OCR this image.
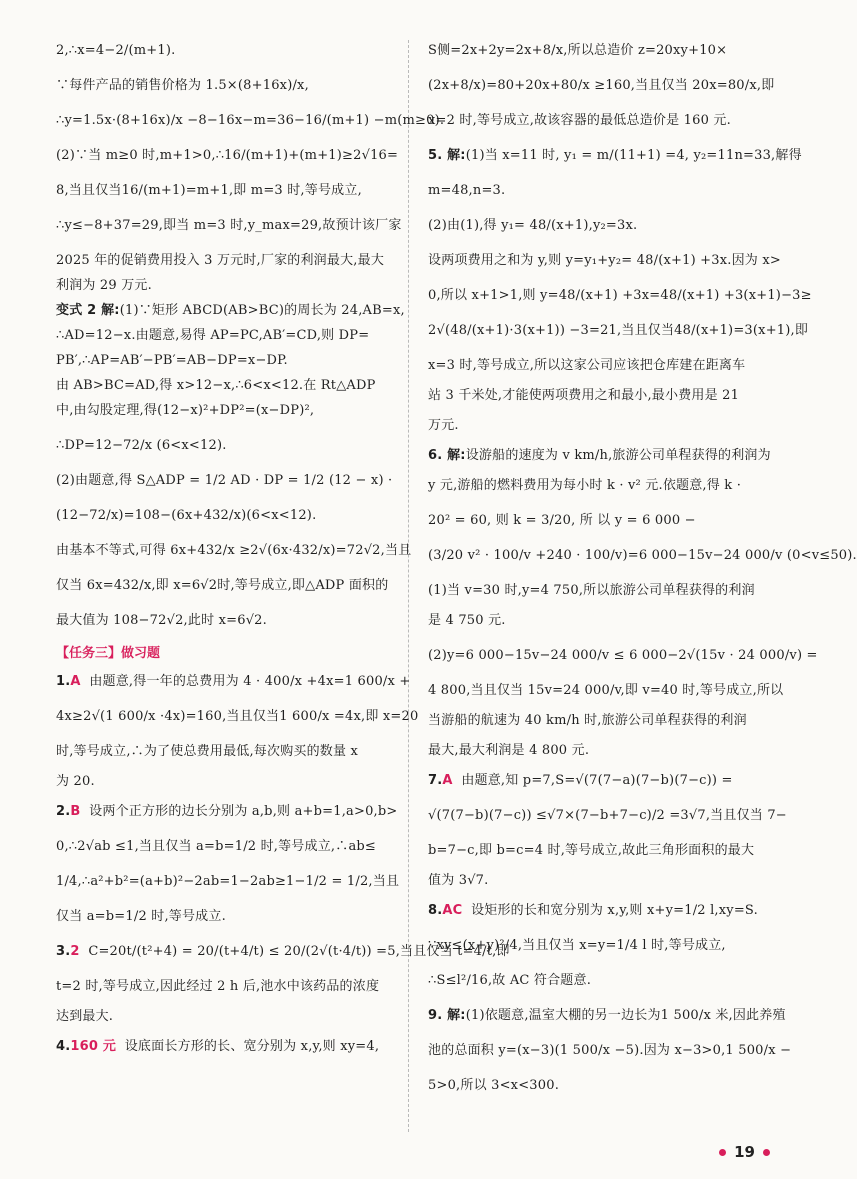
2,∴x=4−2/(m+1).
∵每件产品的销售价格为 1.5×(8+16x)/x,
∴y=1.5x·(8+16x)/x −8−16x−m=36−16/(m+1) −m(m≥0).
(2)∵当 m≥0 时,m+1>0,∴16/(m+1)+(m+1)≥2√16=
8,当且仅当16/(m+1)=m+1,即 m=3 时,等号成立,
∴y≤−8+37=29,即当 m=3 时,y_max=29,故预计该厂家
2025 年的促销费用投入 3 万元时,厂家的利润最大,最大
利润为 29 万元.
变式 2 解:(1)∵矩形 ABCD(AB>BC)的周长为 24,AB=x,
∴AD=12−x.由题意,易得 AP=PC,AB′=CD,则 DP=
PB′,∴AP=AB′−PB′=AB−DP=x−DP.
由 AB>BC=AD,得 x>12−x,∴6<x<12.在 Rt△ADP
中,由勾股定理,得(12−x)²+DP²=(x−DP)²,
∴DP=12−72/x (6<x<12).
(2)由题意,得 S△ADP = 1/2 AD · DP = 1/2 (12 − x) ·
(12−72/x)=108−(6x+432/x)(6<x<12).
由基本不等式,可得 6x+432/x ≥2√(6x·432/x)=72√2,当且
仅当 6x=432/x,即 x=6√2时,等号成立,即△ADP 面积的
最大值为 108−72√2,此时 x=6√2.
【任务三】做习题
1.A 由题意,得一年的总费用为 4 · 400/x +4x=1 600/x +
4x≥2√(1 600/x ·4x)=160,当且仅当1 600/x =4x,即 x=20
时,等号成立,∴为了使总费用最低,每次购买的数量 x
为 20.
2.B 设两个正方形的边长分别为 a,b,则 a+b=1,a>0,b>
0,∴2√ab ≤1,当且仅当 a=b=1/2 时,等号成立,∴ab≤
1/4,∴a²+b²=(a+b)²−2ab=1−2ab≥1−1/2 = 1/2,当且
仅当 a=b=1/2 时,等号成立.
3.2 C=20t/(t²+4) = 20/(t+4/t) ≤ 20/(2√(t·4/t)) =5,当且仅当 t=4/t,即
t=2 时,等号成立,因此经过 2 h 后,池水中该药品的浓度
达到最大.
4.160 元 设底面长方形的长、宽分别为 x,y,则 xy=4,
S侧=2x+2y=2x+8/x,所以总造价 z=20xy+10×
(2x+8/x)=80+20x+80/x ≥160,当且仅当 20x=80/x,即
x=2 时,等号成立,故该容器的最低总造价是 160 元.
5. 解:(1)当 x=11 时, y₁ = m/(11+1) =4, y₂=11n=33,解得
m=48,n=3.
(2)由(1),得 y₁= 48/(x+1),y₂=3x.
设两项费用之和为 y,则 y=y₁+y₂= 48/(x+1) +3x.因为 x>
0,所以 x+1>1,则 y=48/(x+1) +3x=48/(x+1) +3(x+1)−3≥
2√(48/(x+1)·3(x+1)) −3=21,当且仅当48/(x+1)=3(x+1),即
x=3 时,等号成立,所以这家公司应该把仓库建在距离车
站 3 千米处,才能使两项费用之和最小,最小费用是 21
万元.
6. 解:设游船的速度为 v km/h,旅游公司单程获得的利润为
y 元,游船的燃料费用为每小时 k · v² 元.依题意,得 k ·
20² = 60, 则 k = 3/20, 所 以 y = 6 000 −
(3/20 v² · 100/v +240 · 100/v)=6 000−15v−24 000/v (0<v≤50).
(1)当 v=30 时,y=4 750,所以旅游公司单程获得的利润
是 4 750 元.
(2)y=6 000−15v−24 000/v ≤ 6 000−2√(15v · 24 000/v) =
4 800,当且仅当 15v=24 000/v,即 v=40 时,等号成立,所以
当游船的航速为 40 km/h 时,旅游公司单程获得的利润
最大,最大利润是 4 800 元.
7.A 由题意,知 p=7,S=√(7(7−a)(7−b)(7−c)) =
√(7(7−b)(7−c)) ≤√7×(7−b+7−c)/2 =3√7,当且仅当 7−
b=7−c,即 b=c=4 时,等号成立,故此三角形面积的最大
值为 3√7.
8.AC 设矩形的长和宽分别为 x,y,则 x+y=1/2 l,xy=S.
∵xy≤(x+y)²/4,当且仅当 x=y=1/4 l 时,等号成立,
∴S≤l²/16,故 AC 符合题意.
9. 解:(1)依题意,温室大棚的另一边长为1 500/x 米,因此养殖
池的总面积 y=(x−3)(1 500/x −5).因为 x−3>0,1 500/x −
5>0,所以 3<x<300.
19
